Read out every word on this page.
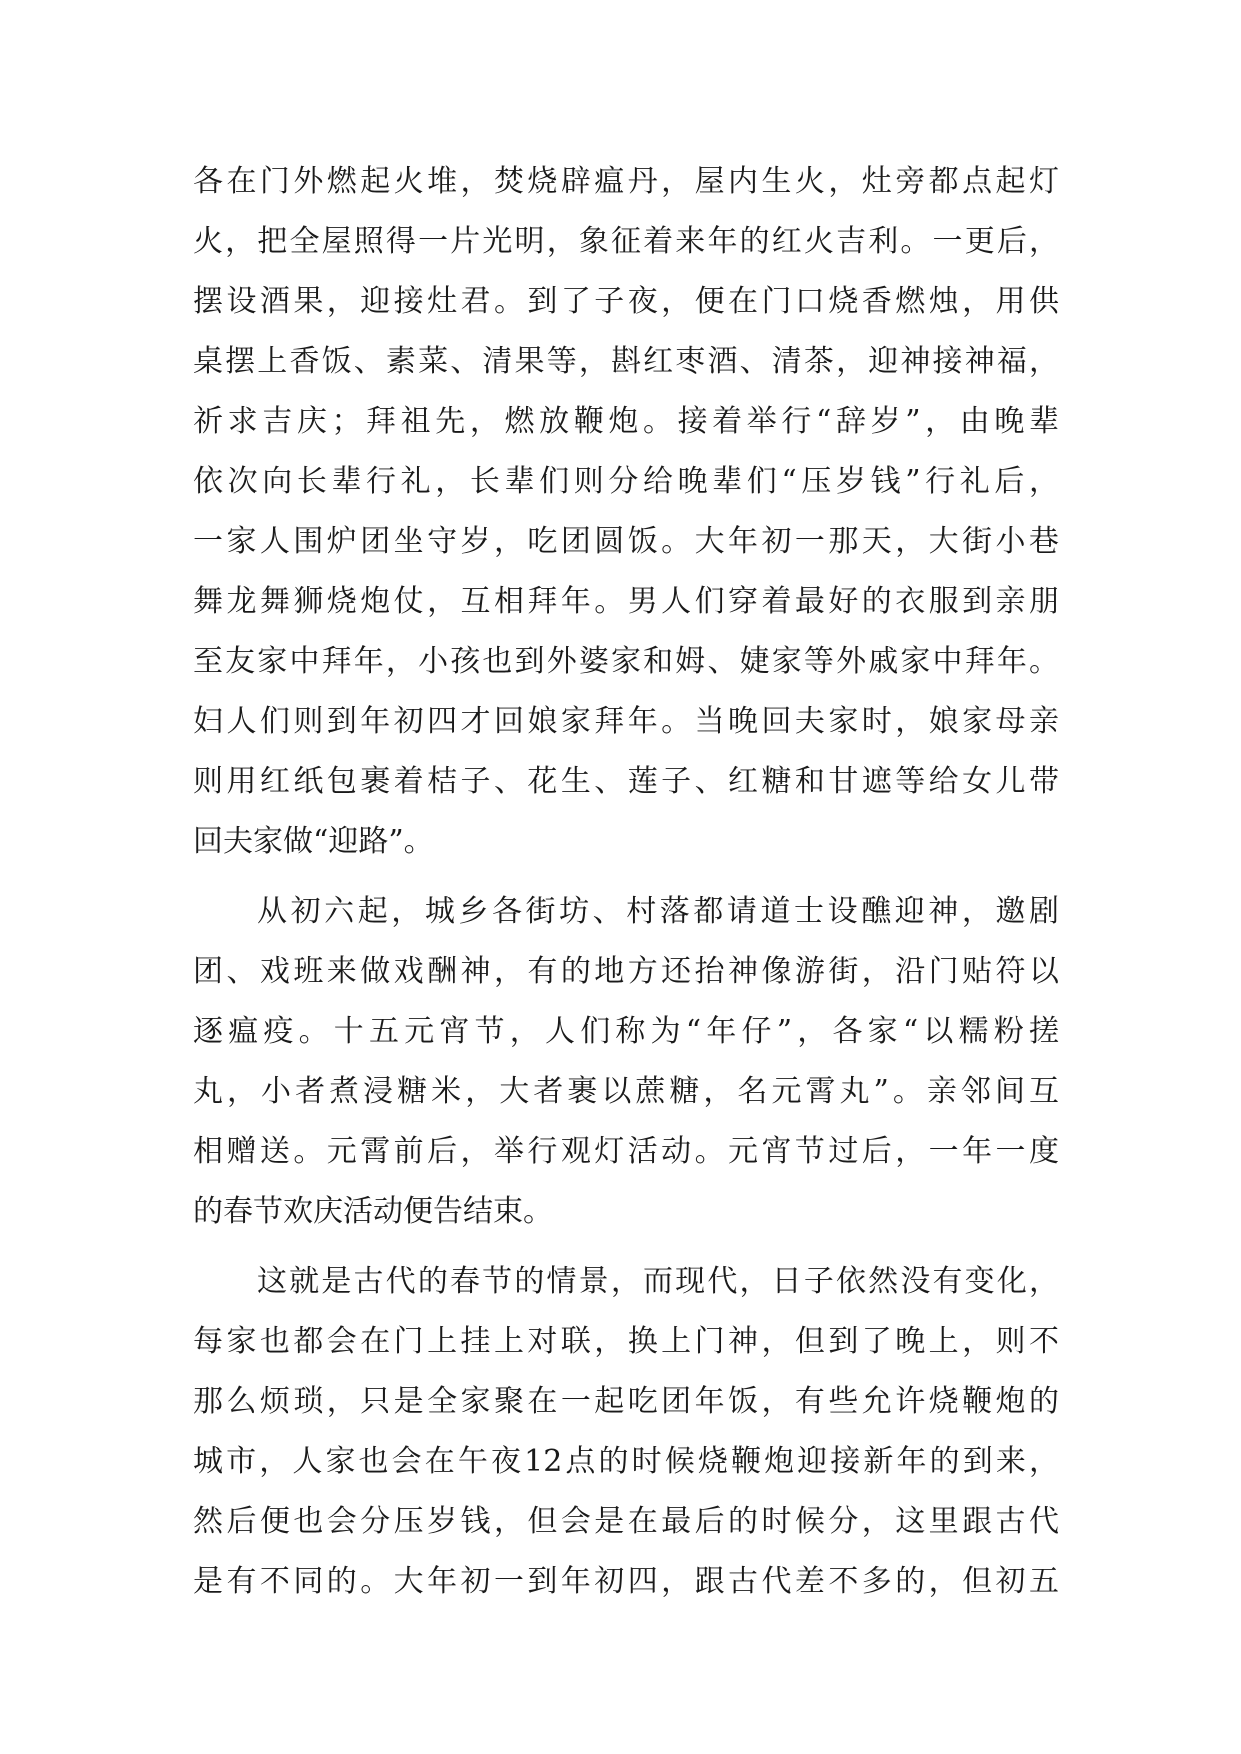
各在门外燃起火堆，焚烧辟瘟丹，屋内生火，灶旁都点起灯
火，把全屋照得一片光明，象征着来年的红火吉利。一更后，
摆设酒果，迎接灶君。到了子夜，便在门口烧香燃烛，用供
桌摆上香饭、素菜、清果等，斟红枣酒、清茶，迎神接神福，
祈求吉庆；拜祖先，燃放鞭炮。接着举行“辞岁”，由晚辈
依次向长辈行礼，长辈们则分给晚辈们“压岁钱”行礼后，
一家人围炉团坐守岁，吃团圆饭。大年初一那天，大街小巷
舞龙舞狮烧炮仗，互相拜年。男人们穿着最好的衣服到亲朋
至友家中拜年，小孩也到外婆家和姆、婕家等外戚家中拜年。
妇人们则到年初四才回娘家拜年。当晚回夫家时，娘家母亲
则用红纸包裹着桔子、花生、莲子、红糖和甘遮等给女儿带
回夫家做“迎路”。
从初六起，城乡各街坊、村落都请道士设醮迎神，邀剧
团、戏班来做戏酬神，有的地方还抬神像游街，沿门贴符以
逐瘟疫。十五元宵节，人们称为“年仔”，各家“以糯粉搓
丸，小者煮浸糖米，大者裹以蔗糖，名元霄丸”。亲邻间互
相赠送。元霄前后，举行观灯活动。元宵节过后，一年一度
的春节欢庆活动便告结束。
这就是古代的春节的情景，而现代，日子依然没有变化，
每家也都会在门上挂上对联，换上门神，但到了晚上，则不
那么烦琐，只是全家聚在一起吃团年饭，有些允许烧鞭炮的
城市，人家也会在午夜12点的时候烧鞭炮迎接新年的到来，
然后便也会分压岁钱，但会是在最后的时候分，这里跟古代
是有不同的。大年初一到年初四，跟古代差不多的，但初五
